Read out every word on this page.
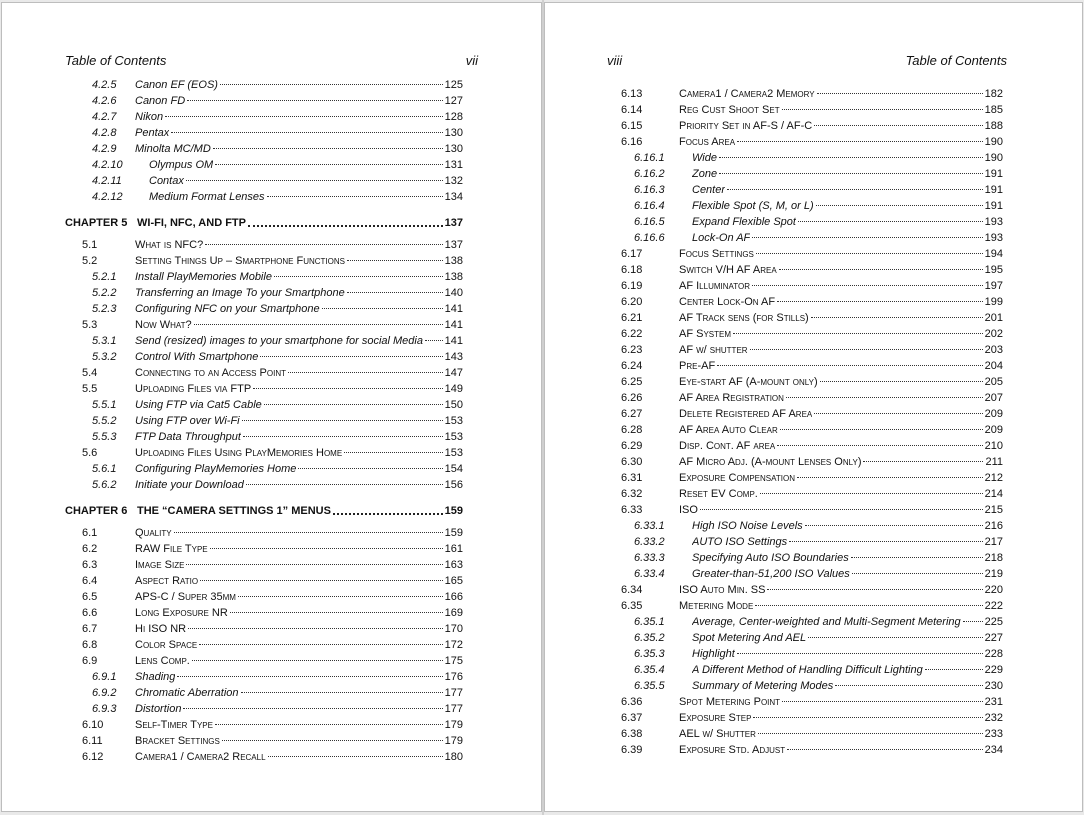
Table of Contents	vii
4.2.5	Canon EF (EOS)	125
4.2.6	Canon FD	127
4.2.7	Nikon	128
4.2.8	Pentax	130
4.2.9	Minolta MC/MD	130
4.2.10	Olympus OM	131
4.2.11	Contax	132
4.2.12	Medium Format Lenses	134
CHAPTER 5 WI-FI, NFC, AND FTP	137
5.1	What is NFC?	137
5.2	Setting Things Up – Smartphone Functions	138
5.2.1	Install PlayMemories Mobile	138
5.2.2	Transferring an Image To your Smartphone	140
5.2.3	Configuring NFC on your Smartphone	141
5.3	Now What?	141
5.3.1	Send (resized) images to your smartphone for social Media 141
5.3.2	Control With Smartphone	143
5.4	Connecting to an Access Point	147
5.5	Uploading Files via FTP	149
5.5.1	Using FTP via Cat5 Cable	150
5.5.2	Using FTP over Wi-Fi	153
5.5.3	FTP Data Throughput	153
5.6	Uploading Files Using PlayMemories Home	153
5.6.1	Configuring PlayMemories Home	154
5.6.2	Initiate your Download	156
CHAPTER 6 THE “CAMERA SETTINGS 1” MENUS	159
6.1	Quality	159
6.2	RAW File Type	161
6.3	Image Size	163
6.4	Aspect Ratio	165
6.5	APS-C / Super 35mm	166
6.6	Long Exposure NR	169
6.7	Hi ISO NR	170
6.8	Color Space	172
6.9	Lens Comp.	175
6.9.1	Shading	176
6.9.2	Chromatic Aberration	177
6.9.3	Distortion	177
6.10	Self-Timer Type	179
6.11	Bracket Settings	179
6.12	Camera1 / Camera2 Recall	180
viii	Table of Contents
6.13	Camera1 / Camera2 Memory	182
6.14	Reg Cust Shoot Set	185
6.15	Priority Set in AF-S / AF-C	188
6.16	Focus Area	190
6.16.1	Wide	190
6.16.2	Zone	191
6.16.3	Center	191
6.16.4	Flexible Spot (S, M, or L)	191
6.16.5	Expand Flexible Spot	193
6.16.6	Lock-On AF	193
6.17	Focus Settings	194
6.18	Switch V/H AF Area	195
6.19	AF Illuminator	197
6.20	Center Lock-On AF	199
6.21	AF Track sens (for Stills)	201
6.22	AF System	202
6.23	AF w/ shutter	203
6.24	Pre-AF	204
6.25	Eye-start AF (A-mount only)	205
6.26	AF Area Registration	207
6.27	Delete Registered AF Area	209
6.28	AF Area Auto Clear	209
6.29	Disp. Cont. AF area	210
6.30	AF Micro Adj. (A-mount Lenses Only)	211
6.31	Exposure Compensation	212
6.32	Reset EV Comp.	214
6.33	ISO	215
6.33.1	High ISO Noise Levels	216
6.33.2	AUTO ISO Settings	217
6.33.3	Specifying Auto ISO Boundaries	218
6.33.4	Greater-than-51,200 ISO Values	219
6.34	ISO Auto Min. SS	220
6.35	Metering Mode	222
6.35.1	Average, Center-weighted and Multi-Segment Metering 225
6.35.2	Spot Metering And AEL	227
6.35.3	Highlight	228
6.35.4	A Different Method of Handling Difficult Lighting	229
6.35.5	Summary of Metering Modes	230
6.36	Spot Metering Point	231
6.37	Exposure Step	232
6.38	AEL w/ Shutter	233
6.39	Exposure Std. Adjust	234
